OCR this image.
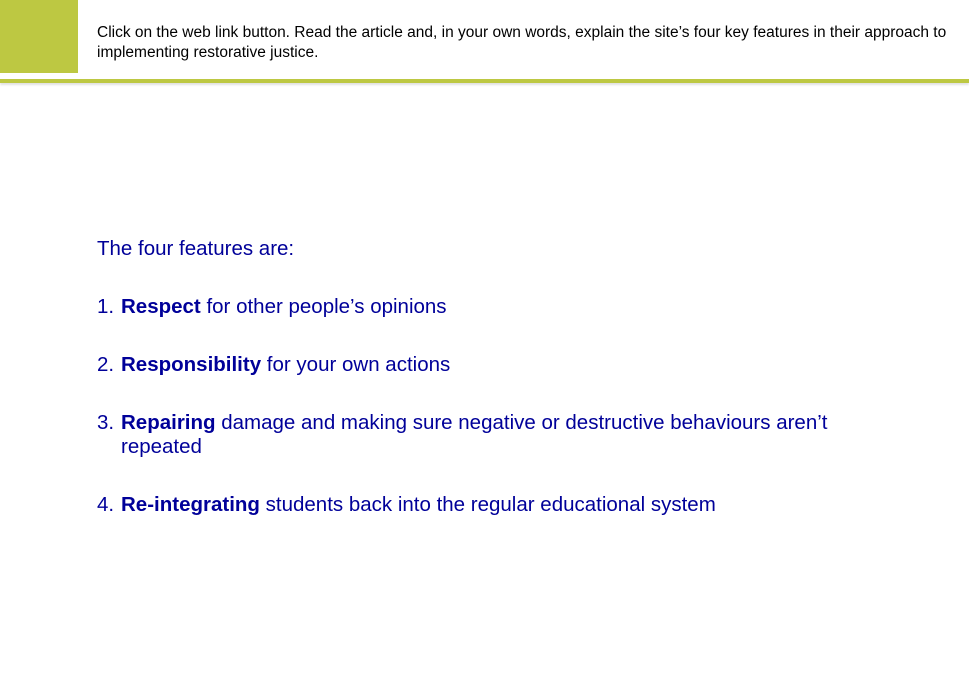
Click on the web link button. Read the article and, in your own words, explain the site’s four key features in their approach to implementing restorative justice.

The four features are:

1. Respect for other people’s opinions
2. Responsibility for your own actions
3. Repairing damage and making sure negative or destructive behaviours aren’t repeated
4. Re-integrating students back into the regular educational system
